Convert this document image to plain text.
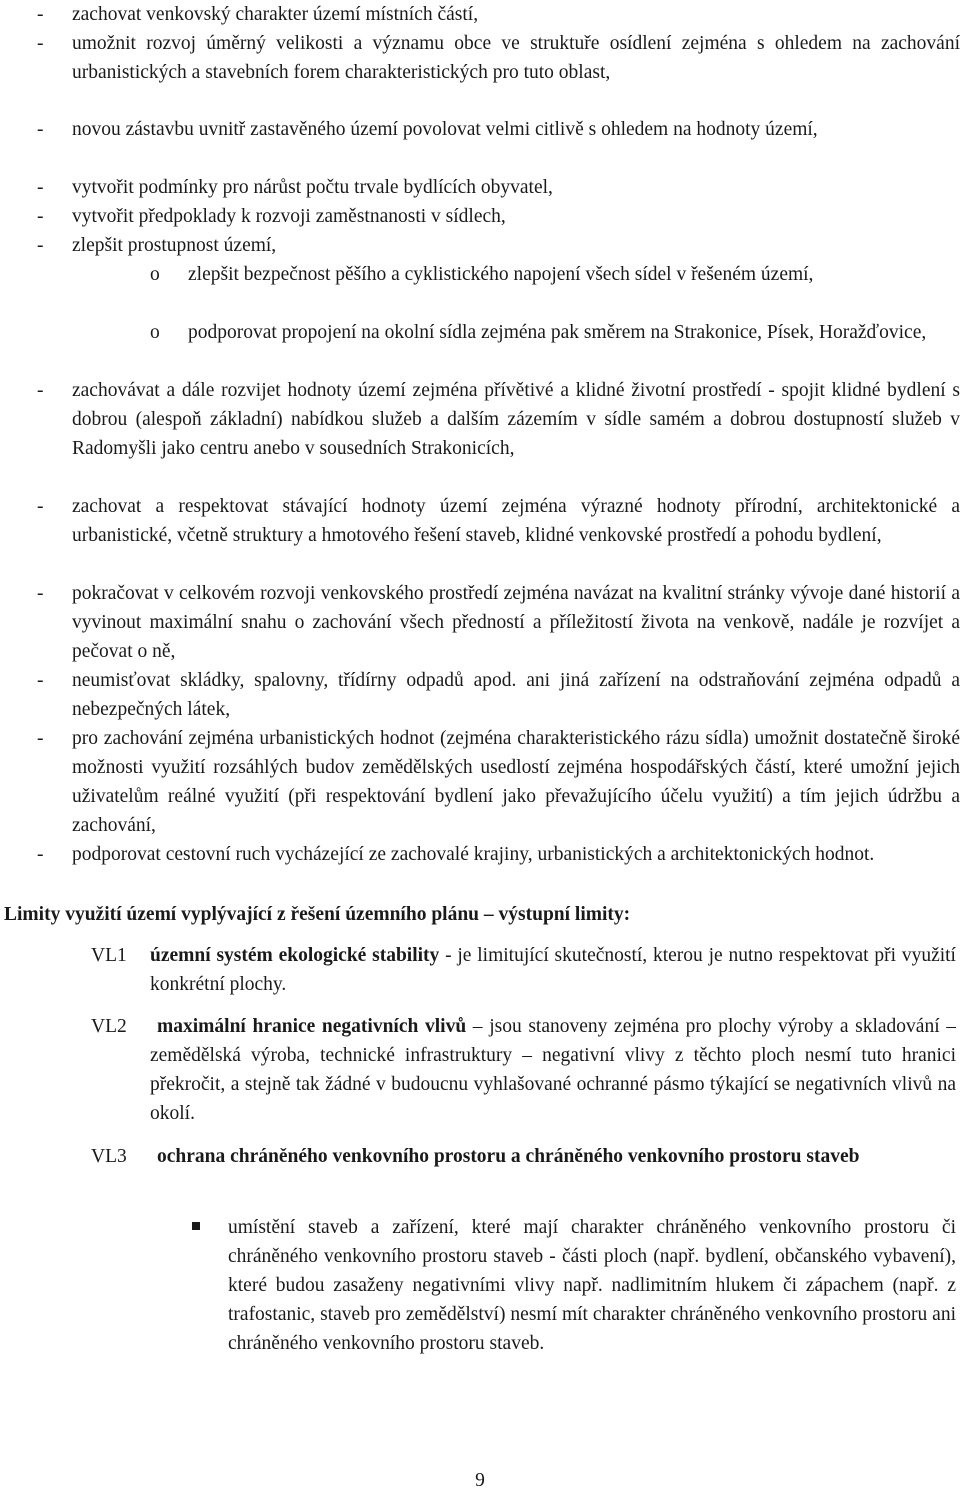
- zachovat venkovský charakter území místních částí,
- umožnit rozvoj úměrný velikosti a významu obce ve struktuře osídlení zejména s ohledem na zachování urbanistických a stavebních forem charakteristických pro tuto oblast,
- novou zástavbu uvnitř zastavěného území povolovat velmi citlivě s ohledem na hodnoty území,
- vytvořit podmínky pro nárůst počtu trvale bydlících obyvatel,
- vytvořit předpoklady k rozvoji zaměstnanosti v sídlech,
- zlepšit prostupnost území,
o zlepšit bezpečnost pěšího a cyklistického napojení všech sídel v řešeném území,
o podporovat propojení na okolní sídla zejména pak směrem na Strakonice, Písek, Horažďovice,
- zachovávat a dále rozvijet hodnoty území zejména přívětivé a klidné životní prostředí - spojit klidné bydlení s dobrou (alespoň základní) nabídkou služeb a dalším zázemím v sídle samém a dobrou dostupností služeb v Radomyšli jako centru anebo v sousedních Strakonicích,
- zachovat a respektovat stávající hodnoty území zejména výrazné hodnoty přírodní, architektonické a urbanistické, včetně struktury a hmotového řešení staveb, klidné venkovské prostředí a pohodu bydlení,
- pokračovat v celkovém rozvoji venkovského prostředí zejména navázat na kvalitní stránky vývoje dané historií a vyvinout maximální snahu o zachování všech předností a příležitostí života na venkově, nadále je rozvíjet a pečovat o ně,
- neumisťovat skládky, spalovny, třídírny odpadů apod. ani jiná zařízení na odstraňování zejména odpadů a nebezpečných látek,
- pro zachování zejména urbanistických hodnot (zejména charakteristického rázu sídla) umožnit dostatečně široké možnosti využití rozsáhlých budov zemědělských usedlostí zejména hospodářských částí, které umožní jejich uživatelům reálné využití (při respektování bydlení jako převažujícího účelu využití) a tím jejich údržbu a zachování,
- podporovat cestovní ruch vycházející ze zachovalé krajiny, urbanistických a architektonických hodnot.
Limity využití území vyplývající z řešení územního plánu – výstupní limity:
VL1 územní systém ekologické stability - je limitující skutečností, kterou je nutno respektovat při využití konkrétní plochy.
VL2	maximální hranice negativních vlivů – jsou stanoveny zejména pro plochy výroby a skladování – zemědělská výroba, technické infrastruktury – negativní vlivy z těchto ploch nesmí tuto hranici překročit, a stejně tak žádné v budoucnu vyhlašované ochranné pásmo týkající se negativních vlivů na okolí.
VL3	ochrana chráněného venkovního prostoru a chráněného venkovního prostoru staveb
umístění staveb a zařízení, které mají charakter chráněného venkovního prostoru či chráněného venkovního prostoru staveb - části ploch (např. bydlení, občanského vybavení), které budou zasaženy negativními vlivy např. nadlimitním hlukem či zápachem (např. z trafostanic, staveb pro zemědělství) nesmí mít charakter chráněného venkovního prostoru ani chráněného venkovního prostoru staveb.
9
